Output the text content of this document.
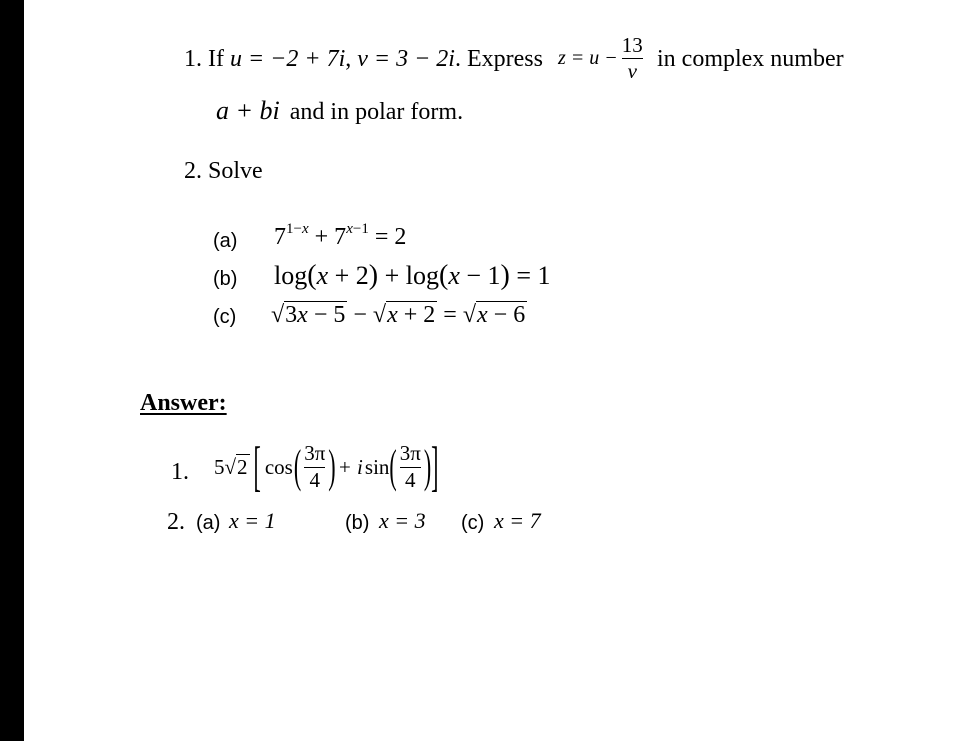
1. If u = −2 + 7i, v = 3 − 2i. Express $z = u - \frac{13}{v}$ in complex number
a + bi and in polar form.
2. Solve
(a) $7^{1-x} + 7^{x-1} = 2$
(b) log(x + 2) + log(x − 1) = 1
(c) √3x − 5 − √x + 2 = √x − 6
Answer:
1. 5√2 [ cos ( $\frac{3\pi}{4}$ ) + i sin ( $\frac{3\pi}{4}$ ) ]
2. (a) x = 1	(b) x = 3 (c) x = 7
